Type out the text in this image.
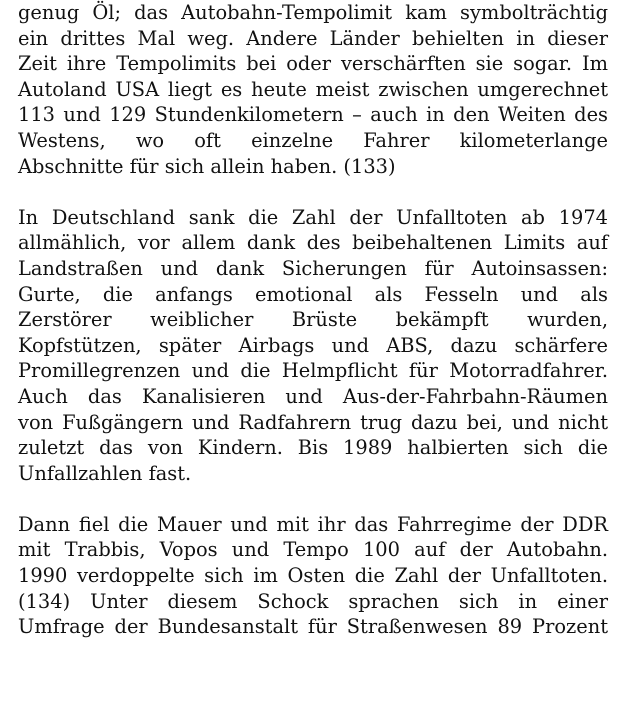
genug Öl; das Autobahn-Tempolimit kam symbolträchtig
ein drittes Mal weg. Andere Länder behielten in dieser
Zeit ihre Tempolimits bei oder verschärften sie sogar. Im
Autoland USA liegt es heute meist zwischen umgerechnet
113 und 129 Stundenkilometern – auch in den Weiten des
Westens, wo oft einzelne Fahrer kilometerlange
Abschnitte für sich allein haben. (133)
In Deutschland sank die Zahl der Unfalltoten ab 1974
allmählich, vor allem dank des beibehaltenen Limits auf
Landstraßen und dank Sicherungen für Autoinsassen:
Gurte, die anfangs emotional als Fesseln und als
Zerstörer weiblicher Brüste bekämpft wurden,
Kopfstützen, später Airbags und ABS, dazu schärfere
Promillegrenzen und die Helmpflicht für Motorradfahrer.
Auch das Kanalisieren und Aus-der-Fahrbahn-Räumen
von Fußgängern und Radfahrern trug dazu bei, und nicht
zuletzt das von Kindern. Bis 1989 halbierten sich die
Unfallzahlen fast.
Dann fiel die Mauer und mit ihr das Fahrregime der DDR
mit Trabbis, Vopos und Tempo 100 auf der Autobahn.
1990 verdoppelte sich im Osten die Zahl der Unfalltoten.
(134) Unter diesem Schock sprachen sich in einer
Umfrage der Bundesanstalt für Straßenwesen 89 Prozent
